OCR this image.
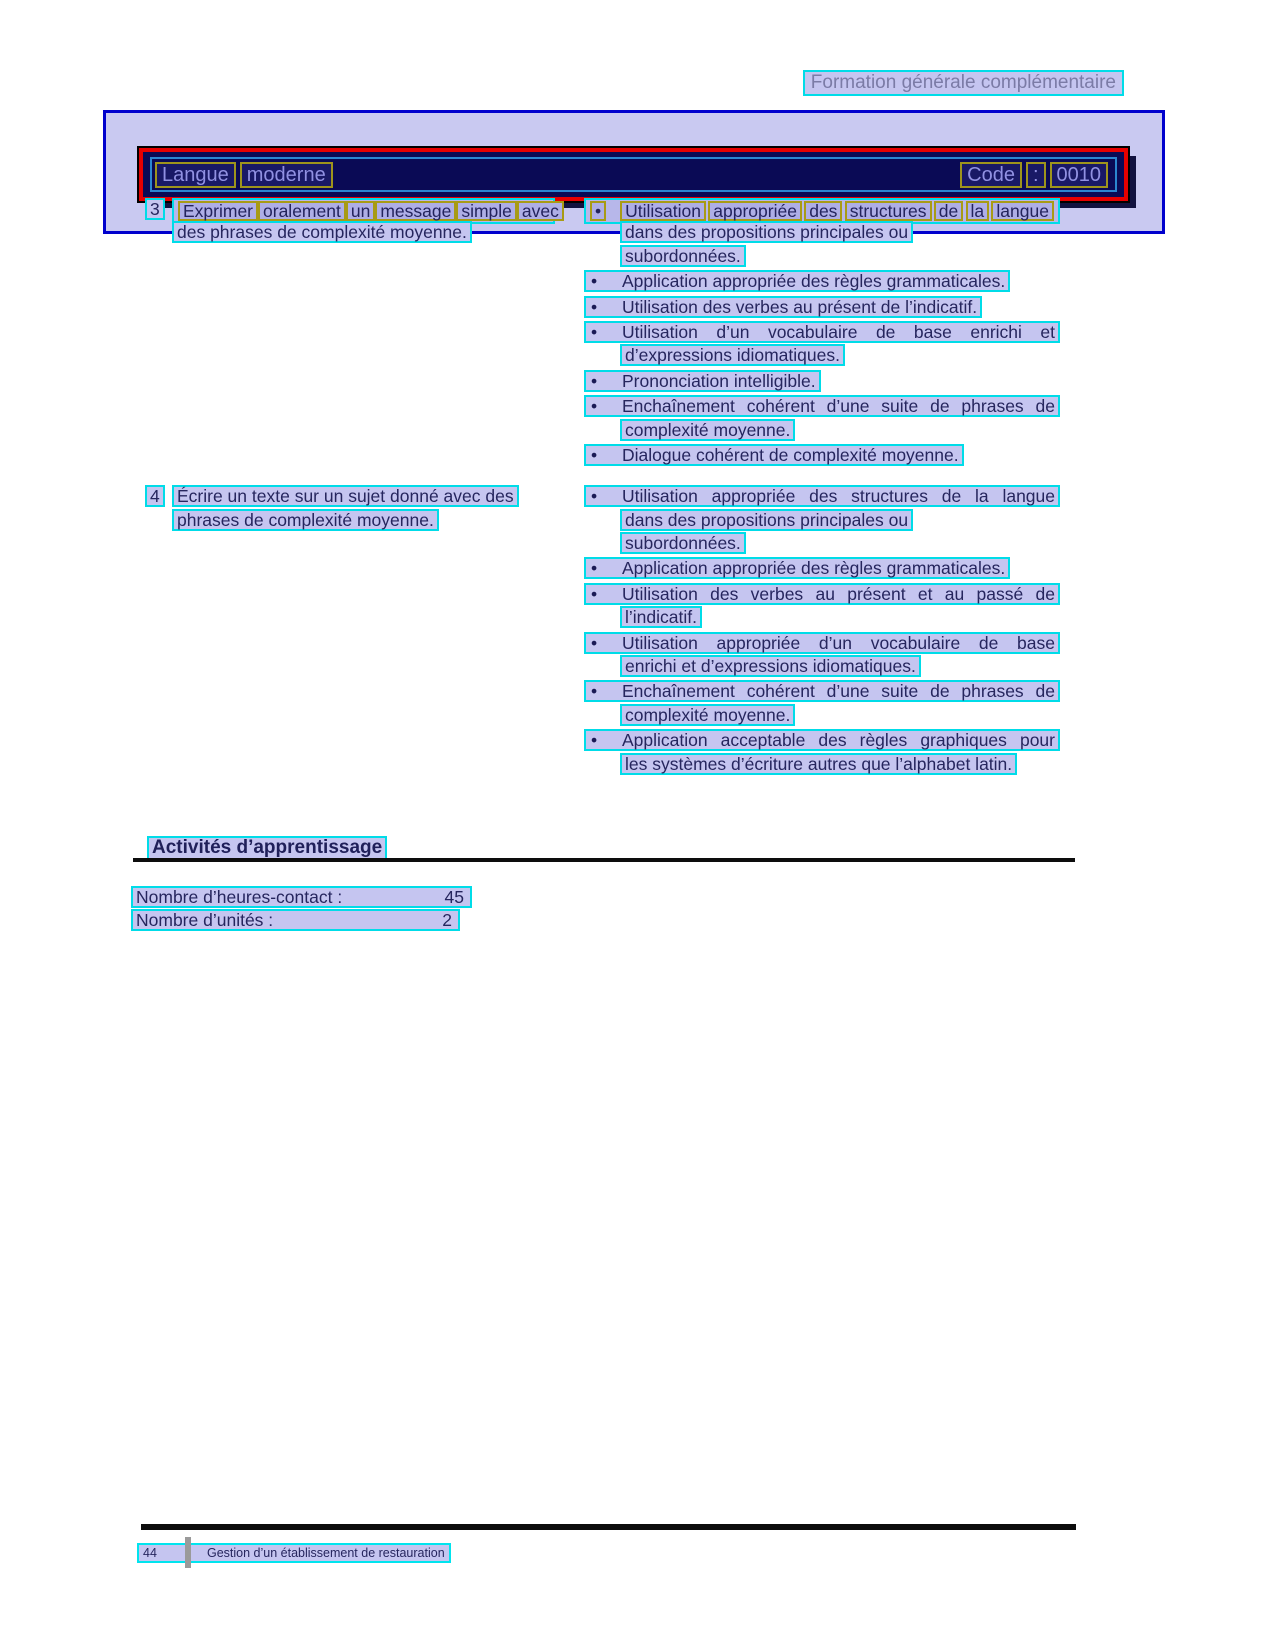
Formation générale complémentaire
Langue moderne	Code : 0010
3	Exprimer oralement un message simple avec
des phrases de complexité moyenne.
• Utilisation appropriée des structures de la langue
dans des propositions principales ou
subordonnées.
•	Application appropriée des règles grammaticales.
•	Utilisation des verbes au présent de l’indicatif.
•	Utilisation d’un vocabulaire de base enrichi et
d’expressions idiomatiques.
•	Prononciation intelligible.
•	Enchaînement cohérent d’une suite de phrases de
complexité moyenne.
•	Dialogue cohérent de complexité moyenne.
4 Écrire un texte sur un sujet donné avec des
phrases de complexité moyenne.
•	Utilisation appropriée des structures de la langue
dans des propositions principales ou
subordonnées.
•	Application appropriée des règles grammaticales.
•	Utilisation des verbes au présent et au passé de
l’indicatif.
•	Utilisation appropriée d’un vocabulaire de base
enrichi et d’expressions idiomatiques.
•	Enchaînement cohérent d’une suite de phrases de
complexité moyenne.
•	Application acceptable des règles graphiques pour
les systèmes d’écriture autres que l’alphabet latin.
Activités d’apprentissage
Nombre d’heures-contact :	45
Nombre d’unités :	2
44	Gestion d’un établissement de restauration
